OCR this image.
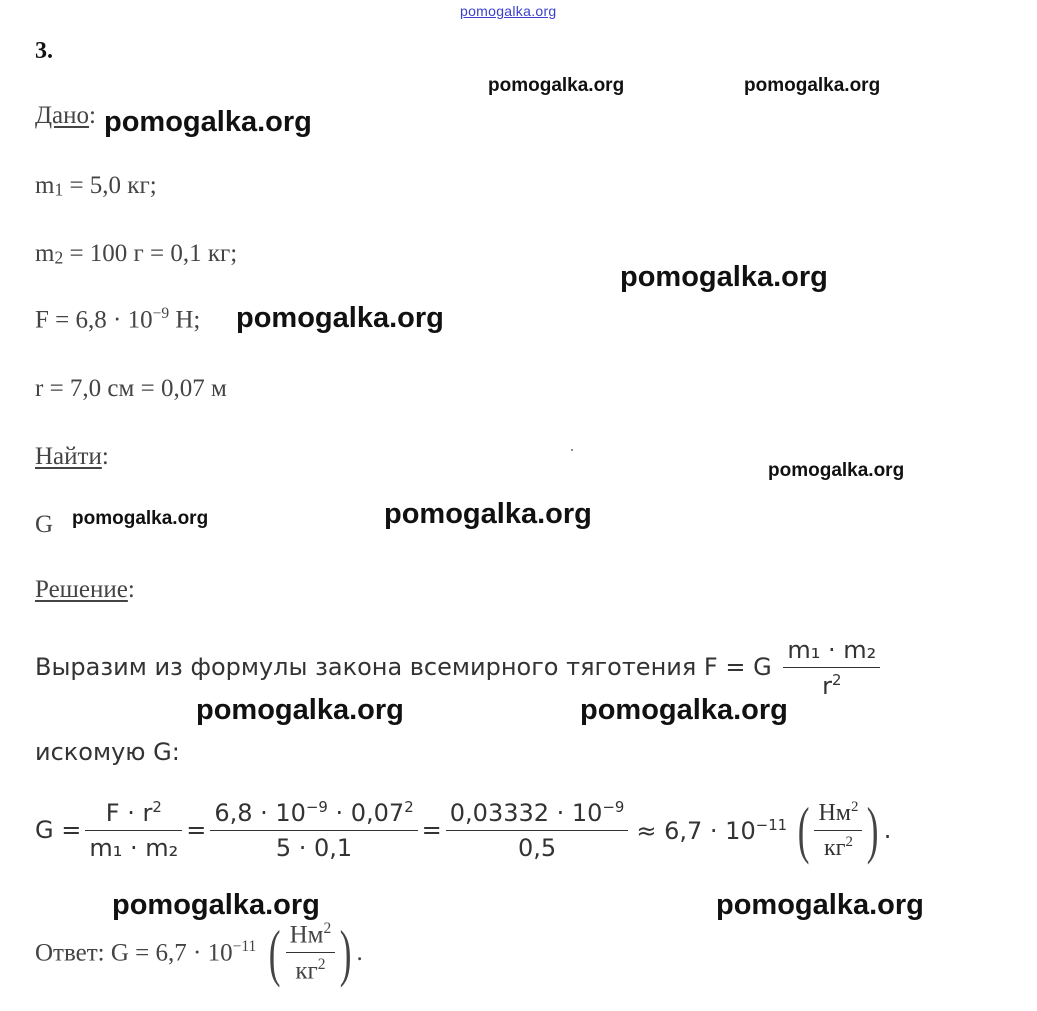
pomogalka.org
3.
pomogalka.org	pomogalka.org
Дано: pomogalka.org
m1 = 5,0 кг;
m2 = 100 г = 0,1 кг;
pomogalka.org
$F = 6,8 \cdot 10^{-9}$ Н; pomogalka.org
r = 7,0 см = 0,07 м
Найти:
pomogalka.org
G pomogalka.org	pomogalka.org
Решение:
Выразим из формулы закона всемирного тяготения F = G $\frac{\text{m₁ · m₂}}{r^2}$
pomogalka.org	pomogalka.org
искомую G:
$G = \frac{F \cdot r^2}{\text{m₁ · m₂}} = \frac{6,8 \cdot 10^{-9} \cdot 0,07^2}{5 \cdot 0,1} = \frac{0,03332 \cdot 10^{-9}}{0,5} \approx 6,7 \cdot 10^{-11}$ ( $\frac{Нм^2}{кг^2}$ ) .
pomogalka.org	pomogalka.org
Ответ: $G = 6,7 \cdot 10^{-11}$ ( $\frac{Нм^2}{кг^2}$ ) .
